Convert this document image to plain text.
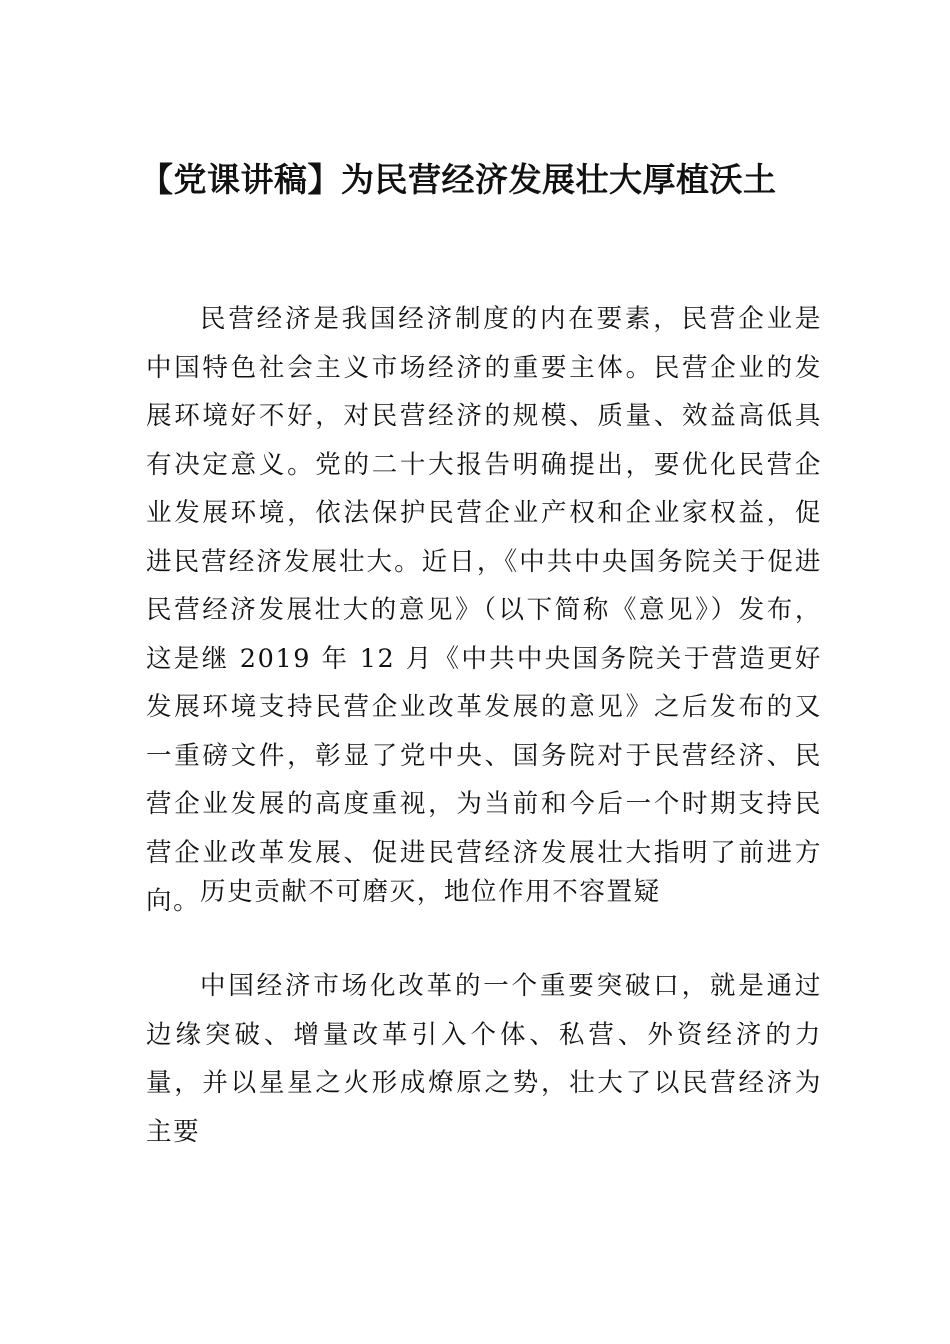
【党课讲稿】为民营经济发展壮大厚植沃土

民营经济是我国经济制度的内在要素，民营企业是中国特色社会主义市场经济的重要主体。民营企业的发展环境好不好，对民营经济的规模、质量、效益高低具有决定意义。党的二十大报告明确提出，要优化民营企业发展环境，依法保护民营企业产权和企业家权益，促进民营经济发展壮大。近日，《中共中央国务院关于促进民营经济发展壮大的意见》（以下简称《意见》）发布， 这是继 2019 年 12 月《中共中央国务院关于营造更好发展环境支持民营企业改革发展的意见》之后发布的又一重磅文件，彰显了党中央、国务院对于民营经济、民营企业发展的高度重视，为当前和今后一个时期支持民营企业改革发展、促进民营经济发展壮大指明了前进方向。 历史贡献不可磨灭，地位作用不容置疑

中国经济市场化改革的一个重要突破口，就是通过边缘突破、增量改革引入个体、私营、外资经济的力量，并以星星之火形成燎原之势，壮大了以民营经济为主要
